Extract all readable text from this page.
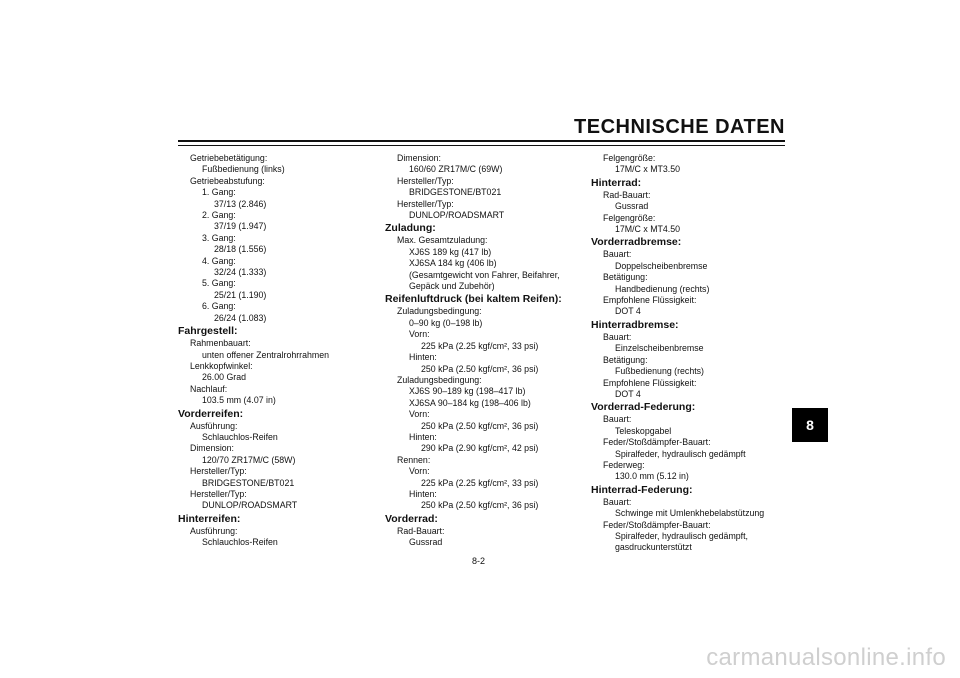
TECHNISCHE DATEN
Getriebebetätigung:
Fußbedienung (links)
Getriebeabstufung:
1. Gang:
37/13 (2.846)
2. Gang:
37/19 (1.947)
3. Gang:
28/18 (1.556)
4. Gang:
32/24 (1.333)
5. Gang:
25/21 (1.190)
6. Gang:
26/24 (1.083)
Fahrgestell:
Rahmenbauart:
unten offener Zentralrohrrahmen
Lenkkopfwinkel:
26.00 Grad
Nachlauf:
103.5 mm (4.07 in)
Vorderreifen:
Ausführung:
Schlauchlos-Reifen
Dimension:
120/70 ZR17M/C (58W)
Hersteller/Typ:
BRIDGESTONE/BT021
Hersteller/Typ:
DUNLOP/ROADSMART
Hinterreifen:
Ausführung:
Schlauchlos-Reifen
Dimension:
160/60 ZR17M/C (69W)
Hersteller/Typ:
BRIDGESTONE/BT021
Hersteller/Typ:
DUNLOP/ROADSMART
Zuladung:
Max. Gesamtzuladung:
XJ6S 189 kg (417 lb)
XJ6SA 184 kg (406 lb)
(Gesamtgewicht von Fahrer, Beifahrer,
Gepäck und Zubehör)
Reifenluftdruck (bei kaltem Reifen):
Zuladungsbedingung:
0–90 kg (0–198 lb)
Vorn:
225 kPa (2.25 kgf/cm², 33 psi)
Hinten:
250 kPa (2.50 kgf/cm², 36 psi)
Zuladungsbedingung:
XJ6S 90–189 kg (198–417 lb)
XJ6SA 90–184 kg (198–406 lb)
Vorn:
250 kPa (2.50 kgf/cm², 36 psi)
Hinten:
290 kPa (2.90 kgf/cm², 42 psi)
Rennen:
Vorn:
225 kPa (2.25 kgf/cm², 33 psi)
Hinten:
250 kPa (2.50 kgf/cm², 36 psi)
Vorderrad:
Rad-Bauart:
Gussrad
Felgengröße:
17M/C x MT3.50
Hinterrad:
Rad-Bauart:
Gussrad
Felgengröße:
17M/C x MT4.50
Vorderradbremse:
Bauart:
Doppelscheibenbremse
Betätigung:
Handbedienung (rechts)
Empfohlene Flüssigkeit:
DOT 4
Hinterradbremse:
Bauart:
Einzelscheibenbremse
Betätigung:
Fußbedienung (rechts)
Empfohlene Flüssigkeit:
DOT 4
Vorderrad-Federung:
Bauart:
Teleskopgabel
Feder/Stoßdämpfer-Bauart:
Spiralfeder, hydraulisch gedämpft
Federweg:
130.0 mm (5.12 in)
Hinterrad-Federung:
Bauart:
Schwinge mit Umlenkhebelabstützung
Feder/Stoßdämpfer-Bauart:
Spiralfeder, hydraulisch gedämpft,
gasdruckunterstützt
8
8-2
carmanualsonline.info
